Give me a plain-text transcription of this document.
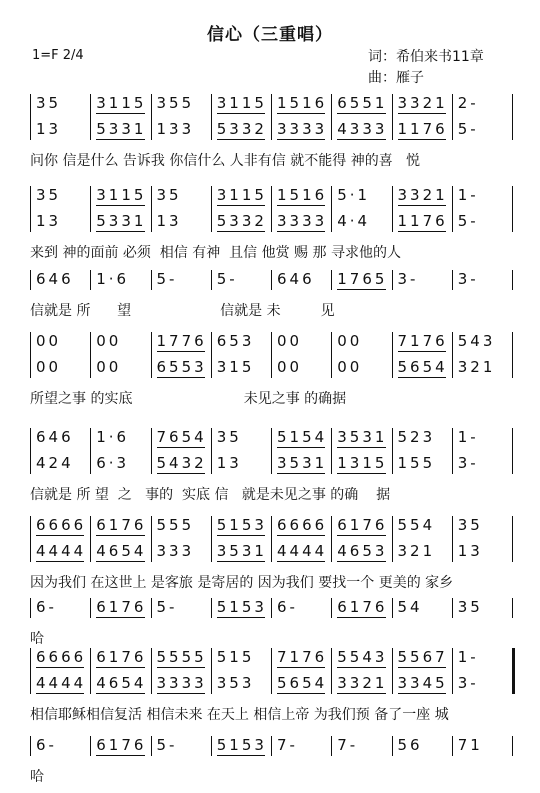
信心（三重唱）
1=F 2/4	词：希伯来书11章
曲：雁子
35 3115 355 3115 1516 6551 3321 2-
13 5331 133 5332 3333 4333 1176 5-
问你 信是什么 告诉我 你信什么 人非有信 就不能得 神的喜   悦
35 3115 35 3115 1516 5·1 3321 1-
13 5331 13 5332 3333 4·4 1176 5-
来到 神的面前 必须  相信 有神  且信 他赏 赐 那 寻求他的人
646 1·6 5-	5-	646 1765 3-	3-
信就是 所      望                    信就是 未         见
00 00 1776 653 00 00 7176 543
00 00 6553 315 00 00 5654 321
所望之事 的实底                         未见之事 的确据
646 1·6 7654 35 5154 3531 523 1-
424 6·3 5432 13 3531 1315 155 3-
信就是 所 望  之   事的  实底 信   就是未见之事 的确    据
6666 6176 555 5153 6666 6176 554 35
4444 4654 333 3531 4444 4653 321 13
因为我们 在这世上 是客旅 是寄居的 因为我们 要找一个 更美的 家乡
6-	6176 5-	5153 6-	6176 54 35
哈
6666 6176 5555 515 7176 5543 5567 1-
4444 4654 3333 353 5654 3321 3345 3-
相信耶稣相信复活 相信未来 在天上 相信上帝 为我们预 备了一座 城
6-	6176 5-	5153 7-	7-	56 71
哈
